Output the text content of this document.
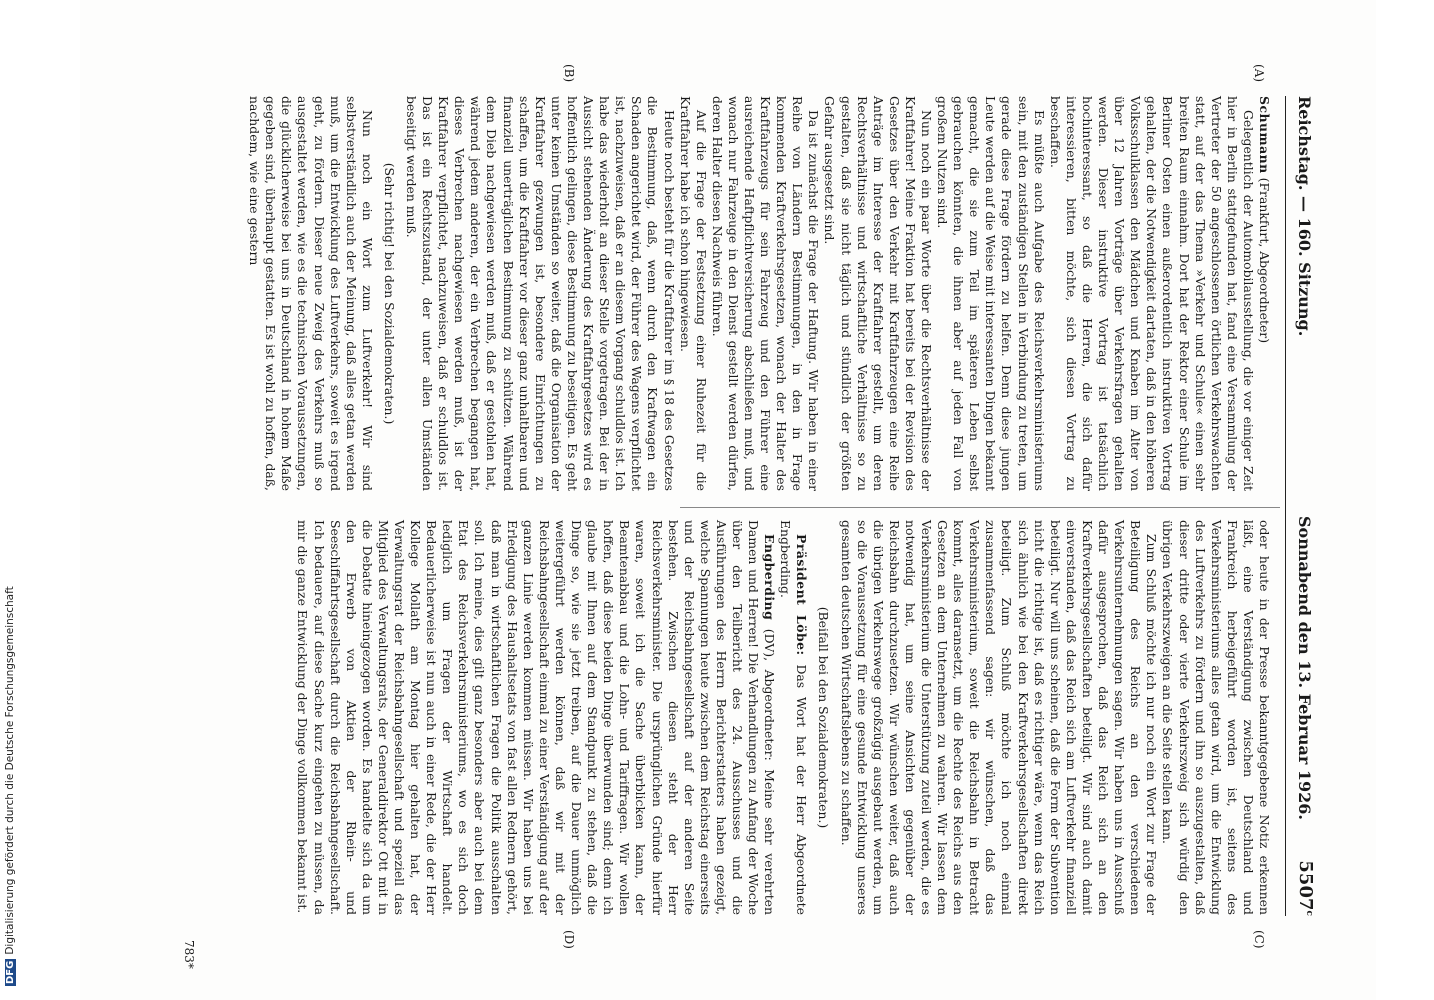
DFGDigitalisierung gefördert durch die Deutsche Forschungsgemeinschaft
Reichstag. — 160. Sitzung.
Sonnabend den 13. Februar 1926.
5507$^c$
(A)
(B)
(C)
(D)

Schumann (Frankfurt, Abgeordneter)

Gelegentlich der Automobilausstellung, die vor einiger Zeit hier in Berlin stattgefunden hat, fand eine Versammlung der Vertreter der 50 angeschlossenen örtlichen Verkehrswachten statt, auf der das Thema »Verkehr und Schule« einen sehr breiten Raum einnahm. Dort hat der Rektor einer Schule im Berliner Osten einen außerordentlich instruktiven Vortrag gehalten, der die Notwendigkeit dartaten, daß in den höheren Volksschulklassen den Mädchen und Knaben im Alter von über 12 Jahren Vorträge über Verkehrsfragen gehalten werden. Dieser instruktive Vortrag ist tatsächlich hochinteressant, so daß die Herren, die sich dafür interessieren, bitten möchte, sich diesen Vortrag zu beschaffen.

Es müßte auch Aufgabe des Reichsverkehrsministeriums sein, mit den zuständigen Stellen in Verbindung zu treten, um gerade diese Frage fördern zu helfen. Denn diese jungen Leute werden auf die Weise mit interessanten Dingen bekannt gemacht, die sie zum Teil im späteren Leben selbst gebrauchen könnten, die ihnen aber auf jeden Fall von großem Nutzen sind.

Nun noch ein paar Worte über die Rechtsverhältnisse der Kraftfahrer! Meine Fraktion hat bereits bei der Revision des Gesetzes über den Verkehr mit Kraftfahrzeugen eine Reihe Anträge im Interesse der Kraftfahrer gestellt, um deren Rechtsverhältnisse und wirtschaftliche Verhältnisse so zu gestalten, daß sie nicht täglich und stündlich der größten Gefahr ausgesetzt sind.

Da ist zunächst die Frage der Haftung. Wir haben in einer Reihe von Ländern Bestimmungen, in den in Frage kommenden Kraftverkehrsgesetzen, wonach der Halter des Kraftfahrzeugs für sein Fahrzeug und den Führer eine ausreichende Haftpflichtversicherung abschließen muß, und wonach nur Fahrzeuge in den Dienst gestellt werden dürfen, deren Halter diesen Nachweis führen.

Auf die Frage der Festsetzung einer Ruhezeit für die Kraftfahrer habe ich schon hingewiesen.

Heute noch besteht für die Kraftfahrer im § 18 des Gesetzes die Bestimmung, daß, wenn durch den Kraftwagen ein Schaden angerichtet wird, der Führer des Wagens verpflichtet ist, nachzuweisen, daß er an diesem Vorgang schuldlos ist. Ich habe das wiederholt an dieser Stelle vorgetragen. Bei der in Aussicht stehenden Änderung des Kraftfahrgesetzes wird es hoffentlich gelingen, diese Bestimmung zu beseitigen. Es geht unter keinen Umständen so weiter, daß die Organisation der Kraftfahrer gezwungen ist, besondere Einrichtungen zu schaffen, um die Kraftfahrer vor dieser ganz unhaltbaren und finanziell unerträglichen Bestimmung zu schützen. Während dem Dieb nachgewiesen werden muß, daß er gestohlen hat, während jedem anderen, der ein Verbrechen begangen hat, dieses Verbrechen nachgewiesen werden muß, ist der Kraftfahrer verpflichtet, nachzuweisen, daß er schuldlos ist. Das ist ein Rechtszustand, der unter allen Umständen beseitigt werden muß.

(Sehr richtig! bei den Sozialdemokraten.)

Nun noch ein Wort zum Luftverkehr! Wir sind selbstverständlich auch der Meinung, daß alles getan werden muß, um die Entwicklung des Luftverkehrs, soweit es irgend geht, zu fördern. Dieser neue Zweig des Verkehrs muß so ausgestaltet werden, wie es die technischen Voraussetzungen, die glücklicherweise bei uns in Deutschland in hohem Maße gegeben sind, überhaupt gestatten. Es ist wohl zu hoffen, daß, nachdem, wie eine gestern

oder heute in der Presse bekanntgegebene Notiz erkennen läßt, eine Verständigung zwischen Deutschland und Frankreich herbeigeführt worden ist, seitens des Verkehrsministeriums alles getan wird, um die Entwicklung des Luftverkehrs zu fördern und ihn so auszugestalten, daß dieser dritte oder vierte Verkehrszweig sich würdig den übrigen Verkehrszweigen an die Seite stellen kann.

Zum Schluß möchte ich nur noch ein Wort zur Frage der Beteiligung des Reichs an den verschiedenen Verkehrsunternehmungen sagen. Wir haben uns in Ausschuß dafür ausgesprochen, daß das Reich sich an den Kraftverkehrsgesellschaften beteiligt. Wir sind auch damit einverstanden, daß das Reich sich am Luftverkehr finanziell beteiligt. Nur will uns scheinen, daß die Form der Subvention nicht die richtige ist, daß es richtiger wäre, wenn das Reich sich ähnlich wie bei den Kraftverkehrsgesellschaften direkt beteiligt. Zum Schluß möchte ich noch einmal zusammenfassend sagen: wir wünschen, daß das Verkehrsministerium, soweit die Reichsbahn in Betracht kommt, alles daransetzt, um die Rechte des Reichs aus den Gesetzen an dem Unternehmen zu wahren. Wir lassen dem Verkehrsministerium die Unterstützung zuteil werden, die es notwendig hat, um seine Ansichten gegenüber der Reichsbahn durchzusetzen. Wir wünschen weiter, daß auch die übrigen Verkehrswege großzügig ausgebaut werden, um so die Voraussetzung für eine gesunde Entwicklung unseres gesamten deutschen Wirtschaftslebens zu schaffen.

(Beifall bei den Sozialdemokraten.)

Präsident Löbe: Das Wort hat der Herr Abgeordnete Engberding.

Engberding (DV), Abgeordneter: Meine sehr verehrten Damen und Herren! Die Verhandlungen zu Anfang der Woche über den Teilbericht des 24. Ausschusses und die Ausführungen des Herrn Berichterstatters haben gezeigt, welche Spannungen heute zwischen dem Reichstag einerseits und der Reichsbahngesellschaft auf der anderen Seite bestehen. Zwischen diesen steht der Herr Reichsverkehrsminister. Die ursprünglichen Gründe hierfür waren, soweit ich die Sache überblicken kann, der Beamtenabbau und die Lohn- und Tariffragen. Wir wollen hoffen, daß diese beiden Dinge überwunden sind; denn ich glaube mit Ihnen auf dem Standpunkt zu stehen, daß die Dinge so, wie sie jetzt treiben, auf die Dauer unmöglich weitergeführt werden können, daß wir mit der Reichsbahngesellschaft einmal zu einer Verständigung auf der ganzen Linie werden kommen müssen. Wir haben uns bei Erledigung des Haushaltsetats von fast allen Rednern gehört, daß man in wirtschaftlichen Fragen die Politik ausschalten soll. Ich meine, dies gilt ganz besonders aber auch bei dem Etat des Reichsverkehrsministeriums, wo es sich doch lediglich um Fragen der Wirtschaft handelt. Bedauerlicherweise ist nun auch in einer Rede, die der Herr Kollege Mollath am Montag hier gehalten hat, der Verwaltungsrat der Reichsbahngesellschaft und speziell das Mitglied des Verwaltungsrats, der Generaldirektor Ott mit in die Debatte hineingezogen worden. Es handelte sich da um den Erwerb von Aktien der Rhein- und Seeschiffahrtsgesellschaft durch die Reichsbahngesellschaft. Ich bedauere, auf diese Sache kurz eingehen zu müssen, da mir die ganze Entwicklung der Dinge vollkommen bekannt ist.

783*
